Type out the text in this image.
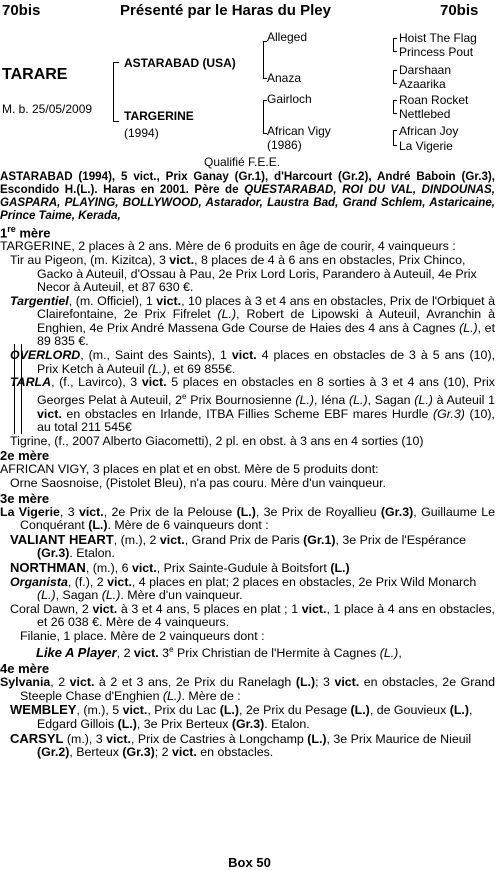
70bis	Présenté par le Haras du Pley	70bis
TARARE
M. b. 25/05/2009
ASTARABAD (USA)
TARGERINE
(1994)
Alleged
Anaza
Gairloch
African Vigy
(1986)
Hoist The Flag
Princess Pout
Darshaan
Azaarika
Roan Rocket
Nettlebed
African Joy
La Vigerie
Qualifié F.E.E.

ASTARABAD (1994), 5 vict., Prix Ganay (Gr.1), d'Harcourt (Gr.2), André Baboin (Gr.3), Escondido H.(L.). Haras en 2001. Père de QUESTARABAD, ROI DU VAL, DINDOUNAS, GASPARA, PLAYING, BOLLYWOOD, Astarador, Laustra Bad, Grand Schlem, Astaricaine, Prince Taime, Kerada,

1re mère

TARGERINE, 2 places à 2 ans. Mère de 6 produits en âge de courir, 4 vainqueurs :

Tir au Pigeon, (m. Kizitca), 3 vict., 8 places de 4 à 6 ans en obstacles, Prix Chinco, Gacko à Auteuil, d'Ossau à Pau, 2e Prix Lord Loris, Parandero à Auteuil, 4e Prix Necor à Auteuil, et 87 630 €.

Targentiel, (m. Officiel), 1 vict., 10 places à 3 et 4 ans en obstacles, Prix de l'Orbiquet à Clairefontaine, 2e Prix Fifrelet (L.), Robert de Lipowski à Auteuil, Avranchin à Enghien, 4e Prix André Massena Gde Course de Haies des 4 ans à Cagnes (L.), et 89 835 €.

OVERLORD, (m., Saint des Saints), 1 vict. 4 places en obstacles de 3 à 5 ans (10), Prix Ketch à Auteuil (L.), et 69 855€.

TARLA, (f., Lavirco), 3 vict. 5 places en obstacles en 8 sorties à 3 et 4 ans (10), Prix Georges Pelat à Auteuil, 2e Prix Bournosienne (L.), Iéna (L.), Sagan (L.) à Auteuil 1 vict. en obstacles en Irlande, ITBA Fillies Scheme EBF mares Hurdle (Gr.3) (10), au total 211 545€

Tigrine, (f., 2007 Alberto Giacometti), 2 pl. en obst. à 3 ans en 4 sorties (10)

2e mère

AFRICAN VIGY, 3 places en plat et en obst. Mère de 5 produits dont:

Orne Saosnoise, (Pistolet Bleu), n'a pas couru. Mère d'un vainqueur.

3e mère

La Vigerie, 3 vict., 2e Prix de la Pelouse (L.), 3e Prix de Royallieu (Gr.3), Guillaume Le Conquérant (L.). Mère de 6 vainqueurs dont :

VALIANT HEART, (m.), 2 vict., Grand Prix de Paris (Gr.1), 3e Prix de l'Espérance (Gr.3). Etalon.

NORTHMAN, (m.), 6 vict., Prix Sainte-Gudule à Boitsfort (L.)

Organista, (f.), 2 vict., 4 places en plat; 2 places en obstacles, 2e Prix Wild Monarch (L.), Sagan (L.). Mère d'un vainqueur.

Coral Dawn, 2 vict. à 3 et 4 ans, 5 places en plat ; 1 vict., 1 place à 4 ans en obstacles, et 26 038 €. Mère de 4 vainqueurs.

Filanie, 1 place. Mère de 2 vainqueurs dont :

Like A Player, 2 vict. 3e Prix Christian de l'Hermite à Cagnes (L.),

4e mère

Sylvania, 2 vict. à 2 et 3 ans, 2e Prix du Ranelagh (L.); 3 vict. en obstacles, 2e Grand Steeple Chase d'Enghien (L.). Mère de :

WEMBLEY, (m.), 5 vict., Prix du Lac (L.), 2e Prix du Pesage (L.), de Gouvieux (L.), Edgard Gillois (L.), 3e Prix Berteux (Gr.3). Etalon.

CARSYL (m.), 3 vict., Prix de Castries à Longchamp (L.), 3e Prix Maurice de Nieuil (Gr.2), Berteux (Gr.3); 2 vict. en obstacles.

Box 50
